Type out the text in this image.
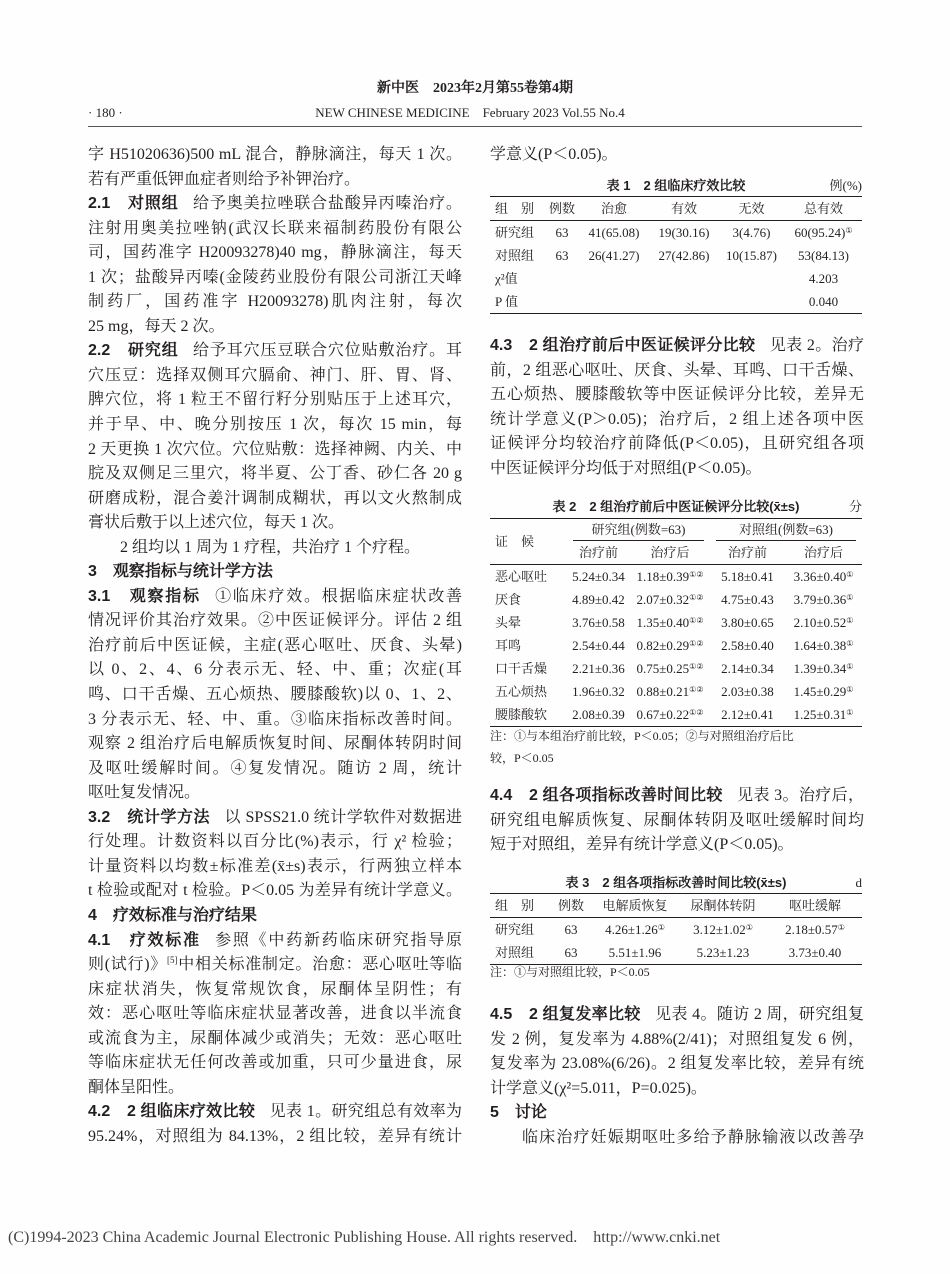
新中医　2023年2月第55卷第4期
· 180 ·	NEW CHINESE MEDICINE　February 2023 Vol.55 No.4
字 H51020636)500 mL 混合，静脉滴注，每天 1 次。
若有严重低钾血症者则给予补钾治疗。
2.1　对照组 给予奥美拉唑联合盐酸异丙嗪治疗。
注射用奥美拉唑钠(武汉长联来福制药股份有限公
司，国药准字 H20093278)40 mg，静脉滴注，每天
1 次；盐酸异丙嗪(金陵药业股份有限公司浙江天峰
制药厂，国药准字 H20093278)肌肉注射，每次
25 mg，每天 2 次。
2.2　研究组 给予耳穴压豆联合穴位贴敷治疗。耳
穴压豆：选择双侧耳穴膈俞、神门、肝、胃、肾、
脾穴位，将 1 粒王不留行籽分别贴压于上述耳穴，
并于早、中、晚分别按压 1 次，每次 15 min，每
2 天更换 1 次穴位。穴位贴敷：选择神阙、内关、中
脘及双侧足三里穴，将半夏、公丁香、砂仁各 20 g
研磨成粉，混合姜汁调制成糊状，再以文火熬制成
膏状后敷于以上述穴位，每天 1 次。
2 组均以 1 周为 1 疗程，共治疗 1 个疗程。
3　观察指标与统计学方法
3.1　观察指标 ①临床疗效。根据临床症状改善
情况评价其治疗效果。②中医证候评分。评估 2 组
治疗前后中医证候，主症(恶心呕吐、厌食、头晕)
以 0、2、4、6 分表示无、轻、中、重；次症(耳
鸣、口干舌燥、五心烦热、腰膝酸软)以 0、1、2、
3 分表示无、轻、中、重。③临床指标改善时间。
观察 2 组治疗后电解质恢复时间、尿酮体转阴时间
及呕吐缓解时间。④复发情况。随访 2 周，统计
呕吐复发情况。
3.2　统计学方法 以 SPSS21.0 统计学软件对数据进
行处理。计数资料以百分比(%)表示，行 χ² 检验；
计量资料以均数±标准差(x̄±s)表示，行两独立样本
t 检验或配对 t 检验。P＜0.05 为差异有统计学意义。
4　疗效标准与治疗结果
4.1　疗效标准 参照《中药新药临床研究指导原
则(试行)》[5]中相关标准制定。治愈：恶心呕吐等临
床症状消失，恢复常规饮食，尿酮体呈阴性；有
效：恶心呕吐等临床症状显著改善，进食以半流食
或流食为主，尿酮体减少或消失；无效：恶心呕吐
等临床症状无任何改善或加重，只可少量进食，尿
酮体呈阳性。
4.2　2 组临床疗效比较 见表 1。研究组总有效率为
95.24%，对照组为 84.13%，2 组比较，差异有统计
学意义(P＜0.05)。
表 1　2 组临床疗效比较	例(%)
组　别	例数	治愈	有效	无效	总有效
研究组	63	41(65.08)	19(30.16)	3(4.76)	60(95.24)①
对照组	63	26(41.27)	27(42.86)	10(15.87)	53(84.13)
χ²值					4.203
P 值					0.040
4.3　2 组治疗前后中医证候评分比较 见表 2。治疗
前，2 组恶心呕吐、厌食、头晕、耳鸣、口干舌燥、
五心烦热、腰膝酸软等中医证候评分比较，差异无
统计学意义(P＞0.05)；治疗后，2 组上述各项中医
证候评分均较治疗前降低(P＜0.05)，且研究组各项
中医证候评分均低于对照组(P＜0.05)。
表 2　2 组治疗前后中医证候评分比较(x̄±s)	分
证　候	研究组(例数=63)		对照组(例数=63)	

	治疗前	治疗后	治疗前	治疗后
恶心呕吐	5.24±0.34	1.18±0.39①②	5.18±0.41	3.36±0.40①
厌食	4.89±0.42	2.07±0.32①②	4.75±0.43	3.79±0.36①
头晕	3.76±0.58	1.35±0.40①②	3.80±0.65	2.10±0.52①
耳鸣	2.54±0.44	0.82±0.29①②	2.58±0.40	1.64±0.38①
口干舌燥	2.21±0.36	0.75±0.25①②	2.14±0.34	1.39±0.34①
五心烦热	1.96±0.32	0.88±0.21①②	2.03±0.38	1.45±0.29①
腰膝酸软	2.08±0.39	0.67±0.22①②	2.12±0.41	1.25±0.31①
注：①与本组治疗前比较，P＜0.05；②与对照组治疗后比
较，P＜0.05
4.4　2 组各项指标改善时间比较 见表 3。治疗后，
研究组电解质恢复、尿酮体转阴及呕吐缓解时间均
短于对照组，差异有统计学意义(P＜0.05)。
表 3　2 组各项指标改善时间比较(x̄±s)	d
组　别	例数	电解质恢复	尿酮体转阴	呕吐缓解
研究组	63	4.26±1.26①	3.12±1.02①	2.18±0.57①
对照组	63	5.51±1.96	5.23±1.23	3.73±0.40
注：①与对照组比较，P＜0.05
4.5　2 组复发率比较 见表 4。随访 2 周，研究组复
发 2 例，复发率为 4.88%(2/41)；对照组复发 6 例，
复发率为 23.08%(6/26)。2 组复发率比较，差异有统
计学意义(χ²=5.011，P=0.025)。
5　讨论
临床治疗妊娠期呕吐多给予静脉输液以改善孕
(C)1994-2023 China Academic Journal Electronic Publishing House. All rights reserved. http://www.cnki.net
